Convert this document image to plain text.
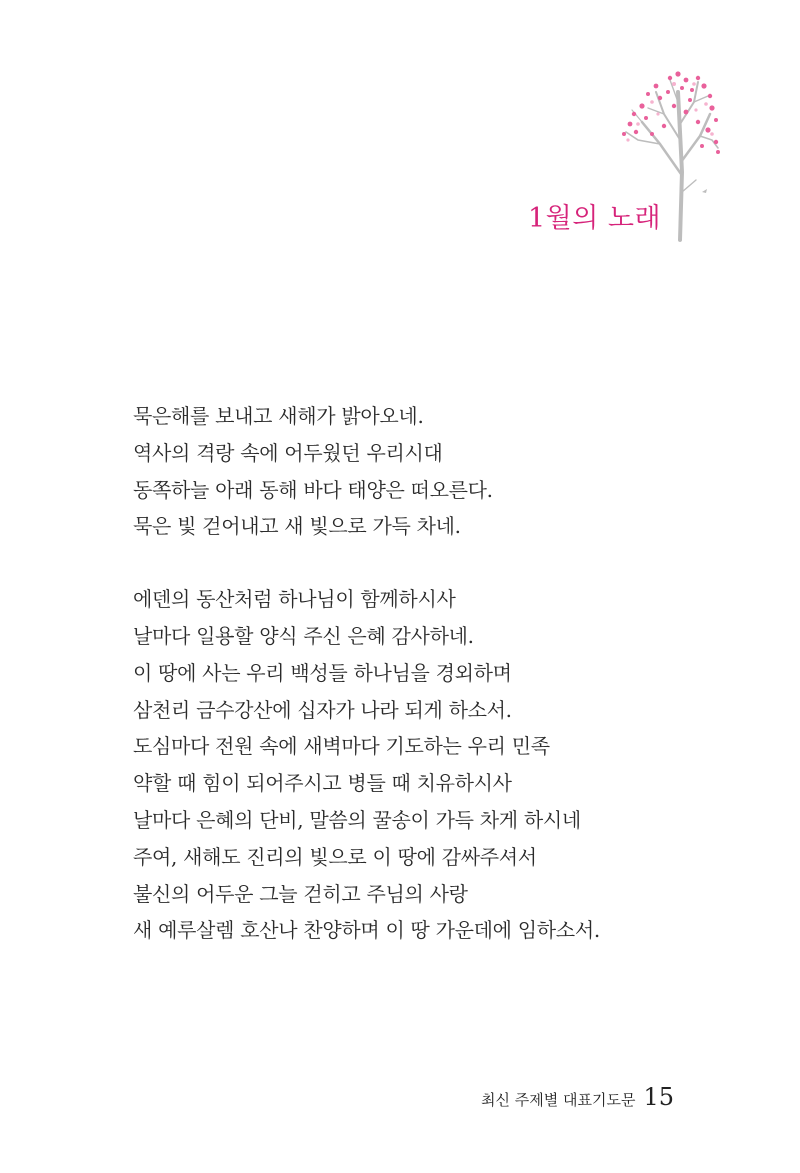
1월의 노래
묵은해를 보내고 새해가 밝아오네.
역사의 격랑 속에 어두웠던 우리시대
동쪽하늘 아래 동해 바다 태양은 떠오른다.
묵은 빛 걷어내고 새 빛으로 가득 차네.
에덴의 동산처럼 하나님이 함께하시사
날마다 일용할 양식 주신 은혜 감사하네.
이 땅에 사는 우리 백성들 하나님을 경외하며
삼천리 금수강산에 십자가 나라 되게 하소서.
도심마다 전원 속에 새벽마다 기도하는 우리 민족
약할 때 힘이 되어주시고 병들 때 치유하시사
날마다 은혜의 단비, 말씀의 꿀송이 가득 차게 하시네
주여, 새해도 진리의 빛으로 이 땅에 감싸주셔서
불신의 어두운 그늘 걷히고 주님의 사랑
새 예루살렘 호산나 찬양하며 이 땅 가운데에 임하소서.
최신 주제별 대표기도문 15
